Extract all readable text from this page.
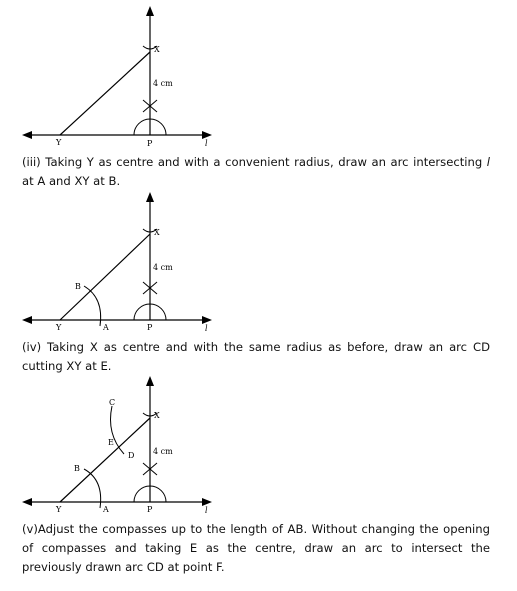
X
4 cm
Y	P	l
(iii) Taking Y as centre and with a convenient radius, draw an arc intersecting l at A and XY at B.
X
4 cm
B
Y	A	P	l
(iv) Taking X as centre and with the same radius as before, draw an arc CD cutting XY at E.
C
X
E
4 cm
D
B
Y	A	P	l
(v)Adjust the compasses up to the length of AB. Without changing the opening of compasses and taking E as the centre, draw an arc to intersect the previously drawn arc CD at point F.
